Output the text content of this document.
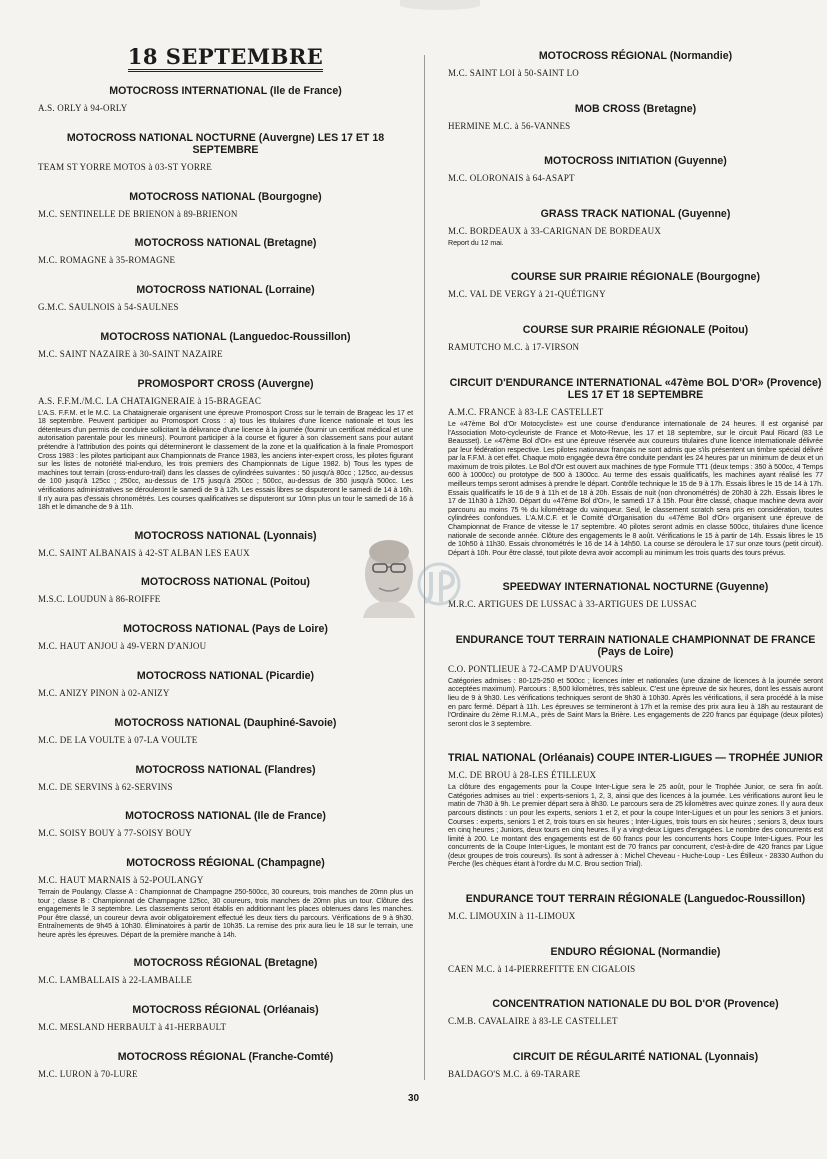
18 SEPTEMBRE
MOTOCROSS INTERNATIONAL (Ile de France)
A.S. ORLY à 94-ORLY
MOTOCROSS NATIONAL NOCTURNE (Auvergne) LES 17 ET 18 SEPTEMBRE
TEAM ST YORRE MOTOS à 03-ST YORRE
MOTOCROSS NATIONAL (Bourgogne)
M.C. SENTINELLE DE BRIENON à 89-BRIENON
MOTOCROSS NATIONAL (Bretagne)
M.C. ROMAGNE à 35-ROMAGNE
MOTOCROSS NATIONAL (Lorraine)
G.M.C. SAULNOIS à 54-SAULNES
MOTOCROSS NATIONAL (Languedoc-Roussillon)
M.C. SAINT NAZAIRE à 30-SAINT NAZAIRE
PROMOSPORT CROSS (Auvergne)
A.S. F.F.M./M.C. LA CHATAIGNERAIE à 15-BRAGEAC
L'A.S. F.F.M. et le M.C. La Chataigneraie organisent une épreuve Promosport Cross sur le terrain de Brageac les 17 et 18 septembre. Peuvent participer au Promosport Cross : a) tous les titulaires d'une licence nationale et tous les détenteurs d'un permis de conduire sollicitant la délivrance d'une licence à la journée (fournir un certificat médical et une autorisation parentale pour les mineurs). Pourront participer à la course et figurer à son classement sans pour autant prétendre à l'attribution des points qui détermineront le classement de la zone et la qualification à la finale Promosport Cross 1983 : les pilotes participant aux Championnats de France 1983, les anciens inter-expert cross, les pilotes figurant sur les listes de notoriété trial-enduro, les trois premiers des Championnats de Ligue 1982. b) Tous les types de machines tout terrain (cross-enduro-trail) dans les classes de cylindrées suivantes : 50 jusqu'à 80cc ; 125cc, au-dessus de 100 jusqu'à 125cc ; 250cc, au-dessus de 175 jusqu'à 250cc ; 500cc, au-dessus de 350 jusqu'à 500cc. Les vérifications administratives se dérouleront le samedi de 9 à 12h. Les essais libres se disputeront le samedi de 14 à 16h. Il n'y aura pas d'essais chronométrés. Les courses qualificatives se disputeront sur 10mn plus un tour le samedi de 16 à 18h et le dimanche de 9 à 11h.
MOTOCROSS NATIONAL (Lyonnais)
M.C. SAINT ALBANAIS à 42-ST ALBAN LES EAUX
MOTOCROSS NATIONAL (Poitou)
M.S.C. LOUDUN à 86-ROIFFE
MOTOCROSS NATIONAL (Pays de Loire)
M.C. HAUT ANJOU à 49-VERN D'ANJOU
MOTOCROSS NATIONAL (Picardie)
M.C. ANIZY PINON à 02-ANIZY
MOTOCROSS NATIONAL (Dauphiné-Savoie)
M.C. DE LA VOULTE à 07-LA VOULTE
MOTOCROSS NATIONAL (Flandres)
M.C. DE SERVINS à 62-SERVINS
MOTOCROSS NATIONAL (Ile de France)
M.C. SOISY BOUY à 77-SOISY BOUY
MOTOCROSS RÉGIONAL (Champagne)
M.C. HAUT MARNAIS à 52-POULANGY
Terrain de Poulangy. Classe A : Championnat de Champagne 250-500cc, 30 coureurs, trois manches de 20mn plus un tour ; classe B : Championnat de Champagne 125cc, 30 coureurs, trois manches de 20mn plus un tour. Clôture des engagements le 3 septembre. Les classements seront établis en additionnant les places obtenues dans les manches. Pour être classé, un coureur devra avoir obligatoirement effectué les deux tiers du parcours. Vérifications de 9 à 9h30. Entraînements de 9h45 à 10h30. Éliminatoires à partir de 10h35. La remise des prix aura lieu le 18 sur le terrain, une heure après les épreuves. Départ de la première manche à 14h.
MOTOCROSS RÉGIONAL (Bretagne)
M.C. LAMBALLAIS à 22-LAMBALLE
MOTOCROSS RÉGIONAL (Orléanais)
M.C. MESLAND HERBAULT à 41-HERBAULT
MOTOCROSS RÉGIONAL (Franche-Comté)
M.C. LURON à 70-LURE
MOTOCROSS RÉGIONAL (Normandie)
M.C. SAINT LOI à 50-SAINT LO
MOB CROSS (Bretagne)
HERMINE M.C. à 56-VANNES
MOTOCROSS INITIATION (Guyenne)
M.C. OLORONAIS à 64-ASAPT
GRASS TRACK NATIONAL (Guyenne)
M.C. BORDEAUX à 33-CARIGNAN DE BORDEAUX
Report du 12 mai.
COURSE SUR PRAIRIE RÉGIONALE (Bourgogne)
M.C. VAL DE VERGY à 21-QUÉTIGNY
COURSE SUR PRAIRIE RÉGIONALE (Poitou)
RAMUTCHO M.C. à 17-VIRSON
CIRCUIT D'ENDURANCE INTERNATIONAL «47ème BOL D'OR» (Provence) LES 17 ET 18 SEPTEMBRE
A.M.C. FRANCE à 83-LE CASTELLET
Le «47ème Bol d'Or Motocycliste» est une course d'endurance internationale de 24 heures. Il est organisé par l'Association Moto-cycleuriste de France et Moto-Revue, les 17 et 18 septembre, sur le circuit Paul Ricard (83 Le Beausset). Le «47ème Bol d'Or» est une épreuve réservée aux coureurs titulaires d'une licence internationale délivrée par leur fédération respective. Les pilotes nationaux français ne sont admis que s'ils présentent un timbre spécial délivré par la F.F.M. à cet effet. Chaque moto engagée devra être conduite pendant les 24 heures par un minimum de deux et un maximum de trois pilotes. Le Bol d'Or est ouvert aux machines de type Formule TT1 (deux temps : 350 à 500cc, 4 Temps 600 à 1000cc) ou prototype de 500 à 1300cc. Au terme des essais qualificatifs, les machines ayant réalisé les 77 meilleurs temps seront admises à prendre le départ. Contrôle technique le 15 de 9 à 17h. Essais libres le 15 de 14 à 17h. Essais qualificatifs le 16 de 9 à 11h et de 18 à 20h. Essais de nuit (non chronométrés) de 20h30 à 22h. Essais libres le 17 de 11h30 à 12h30. Départ du «47ème Bol d'Or», le samedi 17 à 15h. Pour être classé, chaque machine devra avoir parcouru au moins 75 % du kilométrage du vainqueur. Seul, le classement scratch sera pris en considération, toutes cylindrées confondues. L'A.M.C.F. et le Comité d'Organisation du «47ème Bol d'Or» organisent une épreuve de Championnat de France de vitesse le 17 septembre. 40 pilotes seront admis en classe 500cc, titulaires d'une licence nationale de seconde année. Clôture des engagements le 8 août. Vérifications le 15 à partir de 14h. Essais libres le 15 de 10h50 à 11h30. Essais chronométrés le 16 de 14 à 14h50. La course se déroulera le 17 sur onze tours (petit circuit). Départ à 10h. Pour être classé, tout pilote devra avoir accompli au minimum les trois quarts des tours prévus.
SPEEDWAY INTERNATIONAL NOCTURNE (Guyenne)
M.R.C. ARTIGUES DE LUSSAC à 33-ARTIGUES DE LUSSAC
ENDURANCE TOUT TERRAIN NATIONALE CHAMPIONNAT DE FRANCE (Pays de Loire)
C.O. PONTLIEUE à 72-CAMP D'AUVOURS
Catégories admises : 80-125-250 et 500cc ; licences inter et nationales (une dizaine de licences à la journée seront acceptées maximum). Parcours : 8,500 kilomètres, très sableux. C'est une épreuve de six heures, dont les essais auront lieu de 9 à 9h30. Les vérifications techniques seront de 9h30 à 10h30. Après les vérifications, il sera procédé à la mise en parc fermé. Départ à 11h. Les épreuves se termineront à 17h et la remise des prix aura lieu à 18h au restaurant de l'Ordinaire du 2ème R.I.M.A., près de Saint Mars la Brière. Les engagements de 220 francs par équipage (deux pilotes) seront clos le 3 septembre.
TRIAL NATIONAL (Orléanais) COUPE INTER-LIGUES — TROPHÉE JUNIOR
M.C. DE BROU à 28-LES ÉTILLEUX
La clôture des engagements pour la Coupe Inter-Ligue sera le 25 août, pour le Trophée Junior, ce sera fin août. Catégories admises au triel : experts-seniors 1, 2, 3, ainsi que des licences à la journée. Les vérifications auront lieu le matin de 7h30 à 9h. Le premier départ sera à 8h30. Le parcours sera de 25 kilomètres avec quinze zones. Il y aura deux parcours distincts : un pour les experts, seniors 1 et 2, et pour la coupe Inter-Ligues et un pour les seniors 3 et juniors. Courses : experts, seniors 1 et 2, trois tours en six heures ; Inter-Ligues, trois tours en six heures ; seniors 3, deux tours en cinq heures ; Juniors, deux tours en cinq heures. Il y a vingt-deux Ligues d'engagées. Le nombre des concurrents est limité à 200. Le montant des engagements est de 60 francs pour les concurrents hors Coupe Inter-Ligues. Pour les concurrents de la Coupe Inter-Ligues, le montant est de 70 francs par concurrent, c'est-à-dire de 420 francs par Ligue (deux groupes de trois coureurs). Ils sont à adresser à : Michel Cheveau - Huche-Loup - Les Étilleux - 28330 Authon du Perche (les chèques étant à l'ordre du M.C. Brou section Trial).
ENDURANCE TOUT TERRAIN RÉGIONALE (Languedoc-Roussillon)
M.C. LIMOUXIN à 11-LIMOUX
ENDURO RÉGIONAL (Normandie)
CAEN M.C. à 14-PIERREFITTE EN CIGALOIS
CONCENTRATION NATIONALE DU BOL D'OR (Provence)
C.M.B. CAVALAIRE à 83-LE CASTELLET
CIRCUIT DE RÉGULARITÉ NATIONAL (Lyonnais)
BALDAGO'S M.C. à 69-TARARE
30
